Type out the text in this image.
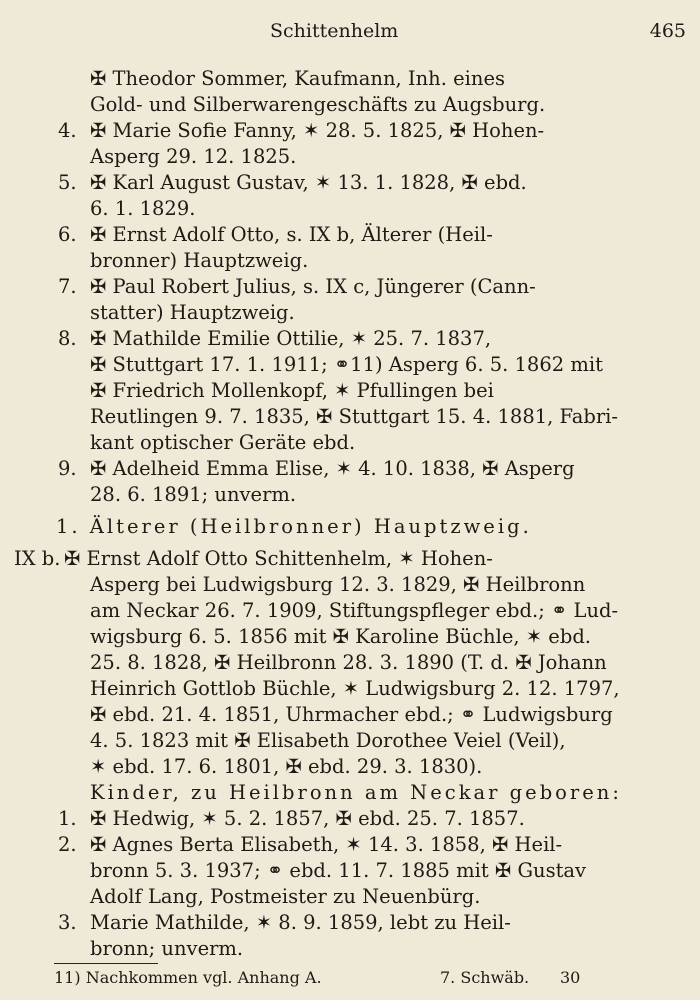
Schittenhelm	465
✠ Theodor Sommer, Kaufmann, Inh. eines
Gold- und Silberwarengeschäfts zu Augsburg.
4. ✠ Marie Sofie Fanny, ✶ 28. 5. 1825, ✠ Hohen-
Asperg 29. 12. 1825.
5. ✠ Karl August Gustav, ✶ 13. 1. 1828, ✠ ebd.
6. 1. 1829.
6. ✠ Ernst Adolf Otto, s. IX b, Älterer (Heil-
bronner) Hauptzweig.
7. ✠ Paul Robert Julius, s. IX c, Jüngerer (Cann-
statter) Hauptzweig.
8. ✠ Mathilde Emilie Ottilie, ✶ 25. 7. 1837,
✠ Stuttgart 17. 1. 1911; ⚭11) Asperg 6. 5. 1862 mit
✠ Friedrich Mollenkopf, ✶ Pfullingen bei
Reutlingen 9. 7. 1835, ✠ Stuttgart 15. 4. 1881, Fabri-
kant optischer Geräte ebd.
9. ✠ Adelheid Emma Elise, ✶ 4. 10. 1838, ✠ Asperg
28. 6. 1891; unverm.
1. Älterer (Heilbronner) Hauptzweig.
IX b. ✠ Ernst Adolf Otto Schittenhelm, ✶ Hohen-
Asperg bei Ludwigsburg 12. 3. 1829, ✠ Heilbronn
am Neckar 26. 7. 1909, Stiftungspfleger ebd.; ⚭ Lud-
wigsburg 6. 5. 1856 mit ✠ Karoline Büchle, ✶ ebd.
25. 8. 1828, ✠ Heilbronn 28. 3. 1890 (T. d. ✠ Johann
Heinrich Gottlob Büchle, ✶ Ludwigsburg 2. 12. 1797,
✠ ebd. 21. 4. 1851, Uhrmacher ebd.; ⚭ Ludwigsburg
4. 5. 1823 mit ✠ Elisabeth Dorothee Veiel (Veil),
✶ ebd. 17. 6. 1801, ✠ ebd. 29. 3. 1830).
Kinder, zu Heilbronn am Neckar geboren:
1. ✠ Hedwig, ✶ 5. 2. 1857, ✠ ebd. 25. 7. 1857.
2. ✠ Agnes Berta Elisabeth, ✶ 14. 3. 1858, ✠ Heil-
bronn 5. 3. 1937; ⚭ ebd. 11. 7. 1885 mit ✠ Gustav
Adolf Lang, Postmeister zu Neuenbürg.
3. Marie Mathilde, ✶ 8. 9. 1859, lebt zu Heil-
bronn; unverm.
11) Nachkommen vgl. Anhang A.	7. Schwäb. 30
